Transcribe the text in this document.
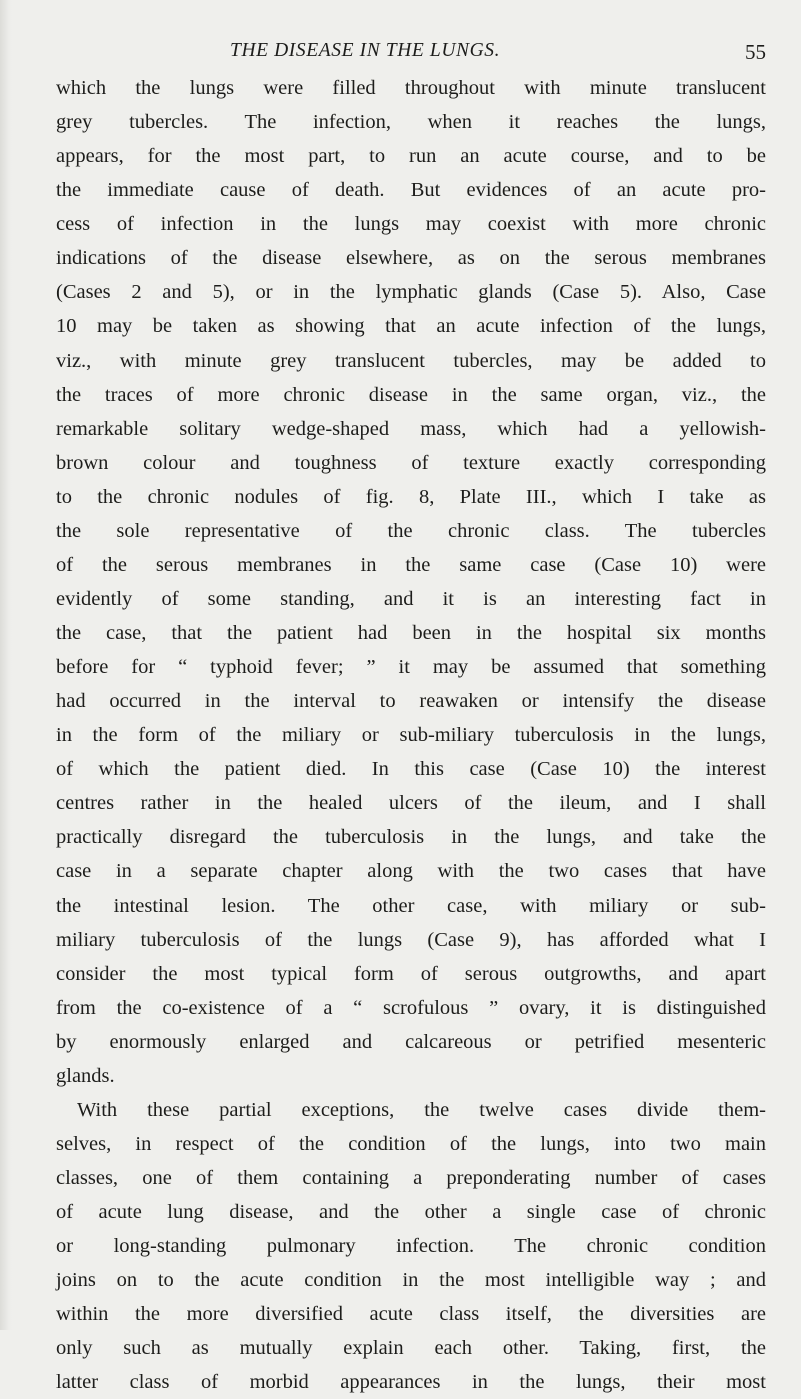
THE DISEASE IN THE LUNGS.	55
which the lungs were filled throughout with minute translucent
grey tubercles. The infection, when it reaches the lungs,
appears, for the most part, to run an acute course, and to be
the immediate cause of death. But evidences of an acute pro-
cess of infection in the lungs may coexist with more chronic
indications of the disease elsewhere, as on the serous membranes
(Cases 2 and 5), or in the lymphatic glands (Case 5). Also, Case
10 may be taken as showing that an acute infection of the lungs,
viz., with minute grey translucent tubercles, may be added to
the traces of more chronic disease in the same organ, viz., the
remarkable solitary wedge-shaped mass, which had a yellowish-
brown colour and toughness of texture exactly corresponding
to the chronic nodules of fig. 8, Plate III., which I take as
the sole representative of the chronic class. The tubercles
of the serous membranes in the same case (Case 10) were
evidently of some standing, and it is an interesting fact in
the case, that the patient had been in the hospital six months
before for “ typhoid fever; ” it may be assumed that something
had occurred in the interval to reawaken or intensify the disease
in the form of the miliary or sub-miliary tuberculosis in the lungs,
of which the patient died. In this case (Case 10) the interest
centres rather in the healed ulcers of the ileum, and I shall
practically disregard the tuberculosis in the lungs, and take the
case in a separate chapter along with the two cases that have
the intestinal lesion. The other case, with miliary or sub-
miliary tuberculosis of the lungs (Case 9), has afforded what I
consider the most typical form of serous outgrowths, and apart
from the co-existence of a “ scrofulous ” ovary, it is distinguished
by enormously enlarged and calcareous or petrified mesenteric
glands.
With these partial exceptions, the twelve cases divide them-
selves, in respect of the condition of the lungs, into two main
classes, one of them containing a preponderating number of cases
of acute lung disease, and the other a single case of chronic
or long-standing pulmonary infection. The chronic condition
joins on to the acute condition in the most intelligible way ; and
within the more diversified acute class itself, the diversities are
only such as mutually explain each other. Taking, first, the
latter class of morbid appearances in the lungs, their most
